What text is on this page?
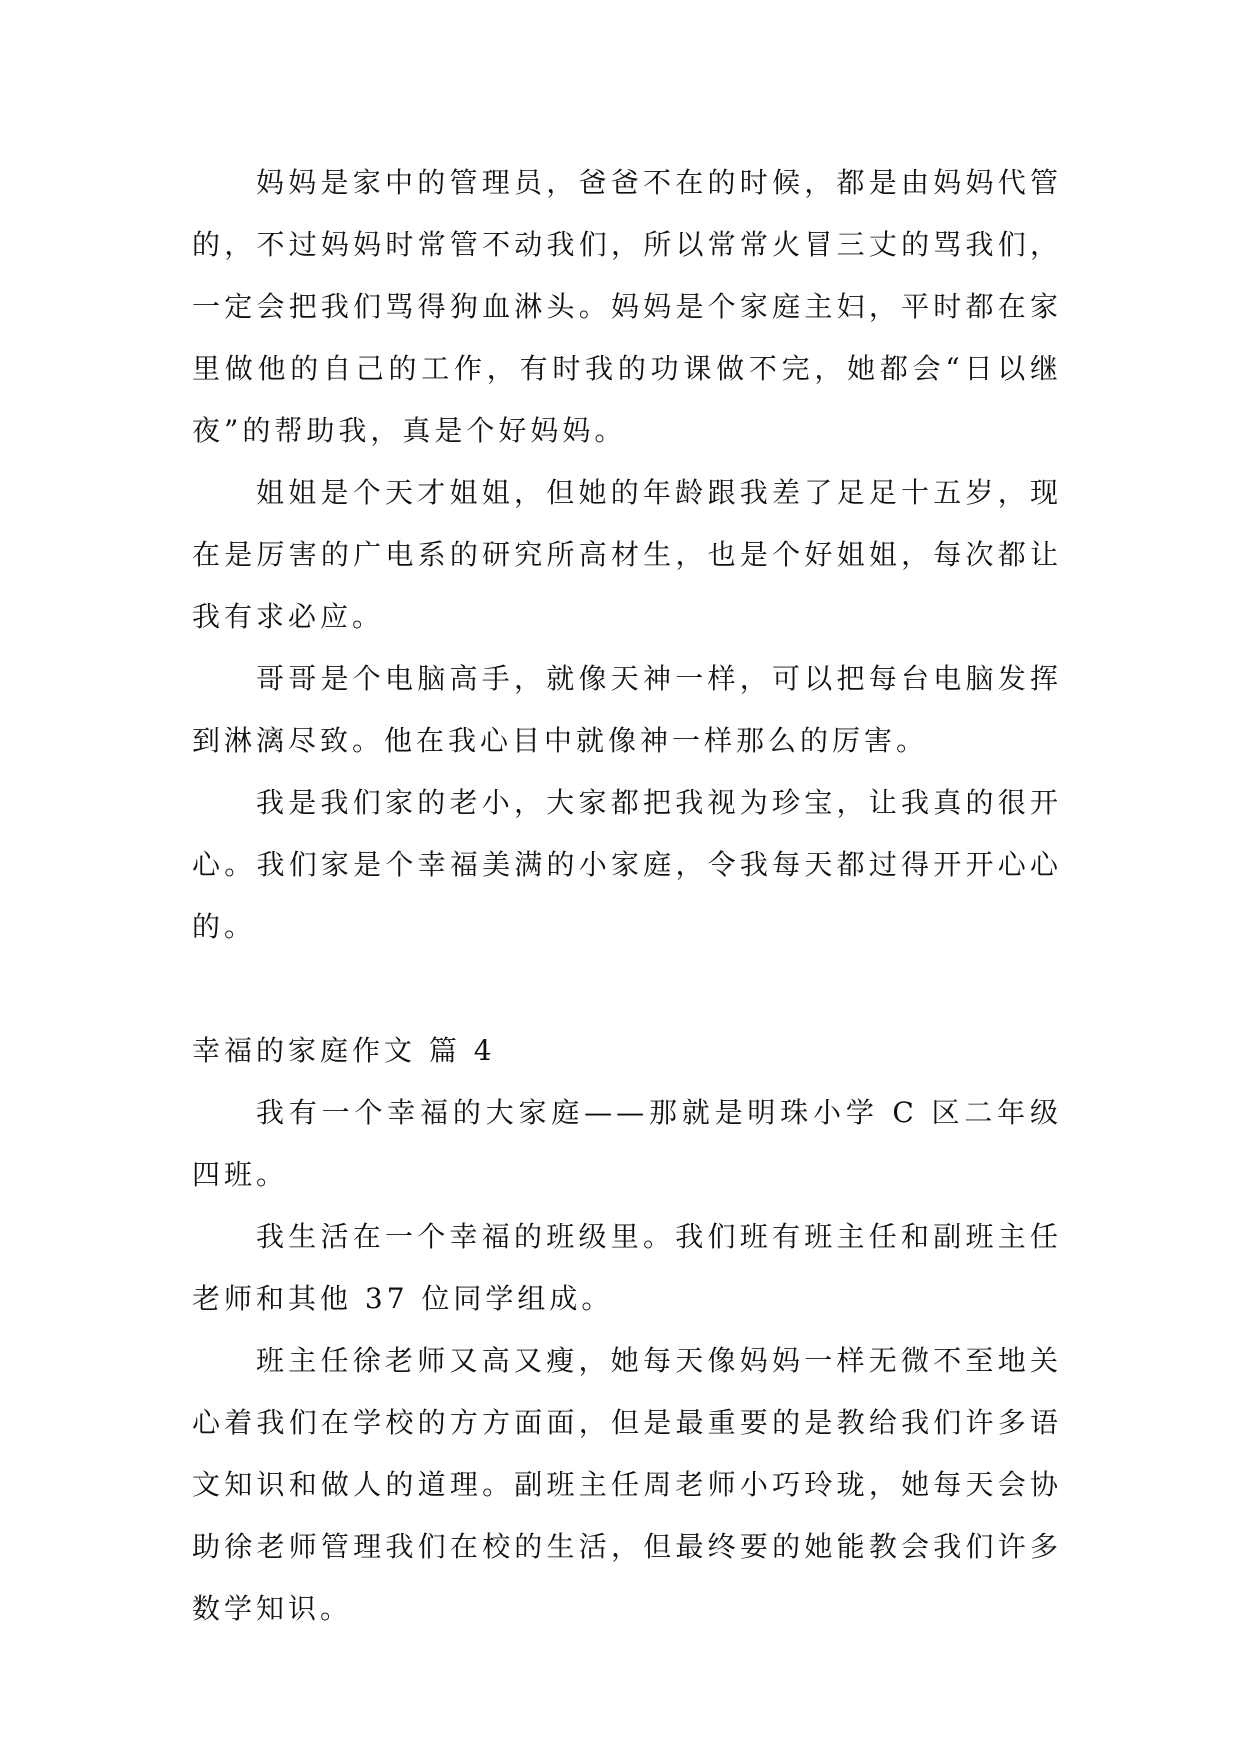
妈妈是家中的管理员，爸爸不在的时候，都是由妈妈代管的，不过妈妈时常管不动我们，所以常常火冒三丈的骂我们，一定会把我们骂得狗血淋头。妈妈是个家庭主妇，平时都在家里做他的自己的工作，有时我的功课做不完，她都会“日以继夜”的帮助我，真是个好妈妈。

姐姐是个天才姐姐，但她的年龄跟我差了足足十五岁，现在是厉害的广电系的研究所高材生，也是个好姐姐，每次都让我有求必应。

哥哥是个电脑高手，就像天神一样，可以把每台电脑发挥到淋漓尽致。他在我心目中就像神一样那么的厉害。

我是我们家的老小，大家都把我视为珍宝，让我真的很开心。我们家是个幸福美满的小家庭，令我每天都过得开开心心的。

幸福的家庭作文 篇 4

我有一个幸福的大家庭——那就是明珠小学 C 区二年级四班。

我生活在一个幸福的班级里。我们班有班主任和副班主任老师和其他 37 位同学组成。

班主任徐老师又高又瘦，她每天像妈妈一样无微不至地关心着我们在学校的方方面面，但是最重要的是教给我们许多语文知识和做人的道理。副班主任周老师小巧玲珑，她每天会协助徐老师管理我们在校的生活，但最终要的她能教会我们许多数学知识。
